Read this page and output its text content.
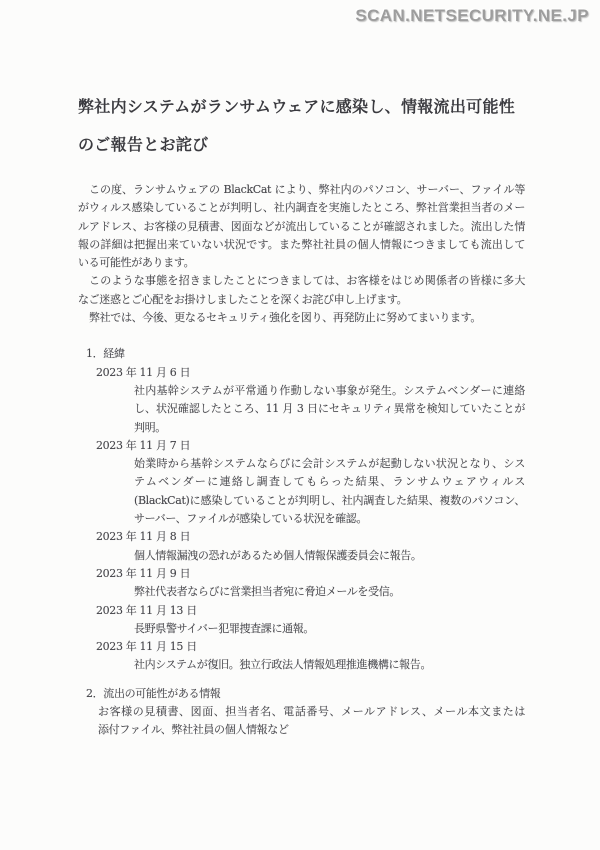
SCAN.NETSECURITY.NE.JP
弊社内システムがランサムウェアに感染し、情報流出可能性
のご報告とお詫び
この度、ランサムウェアの BlackCat により、弊社内のパソコン、サーバー、ファイル等
がウィルス感染していることが判明し、社内調査を実施したところ、弊社営業担当者のメー
ルアドレス、お客様の見積書、図面などが流出していることが確認されました。流出した情
報の詳細は把握出来ていない状況です。また弊社社員の個人情報につきましても流出して
いる可能性があります。
このような事態を招きましたことにつきましては、お客様をはじめ関係者の皆様に多大
なご迷惑とご心配をお掛けしましたことを深くお詫び申し上げます。
弊社では、今後、更なるセキュリティ強化を図り、再発防止に努めてまいります。
1．経緯
2023 年 11 月 6 日
社内基幹システムが平常通り作動しない事象が発生。システムベンダーに連絡
し、状況確認したところ、11 月 3 日にセキュリティ異常を検知していたことが
判明。
2023 年 11 月 7 日
始業時から基幹システムならびに会計システムが起動しない状況となり、シス
テムベンダーに連絡し調査してもらった結果、ランサムウェアウィルス
(BlackCat)に感染していることが判明し、社内調査した結果、複数のパソコン、
サーバー、ファイルが感染している状況を確認。
2023 年 11 月 8 日
個人情報漏洩の恐れがあるため個人情報保護委員会に報告。
2023 年 11 月 9 日
弊社代表者ならびに営業担当者宛に脅迫メールを受信。
2023 年 11 月 13 日
長野県警サイバー犯罪捜査課に通報。
2023 年 11 月 15 日
社内システムが復旧。独立行政法人情報処理推進機構に報告。
2．流出の可能性がある情報
お客様の見積書、図面、担当者名、電話番号、メールアドレス、メール本文または
添付ファイル、弊社社員の個人情報など
